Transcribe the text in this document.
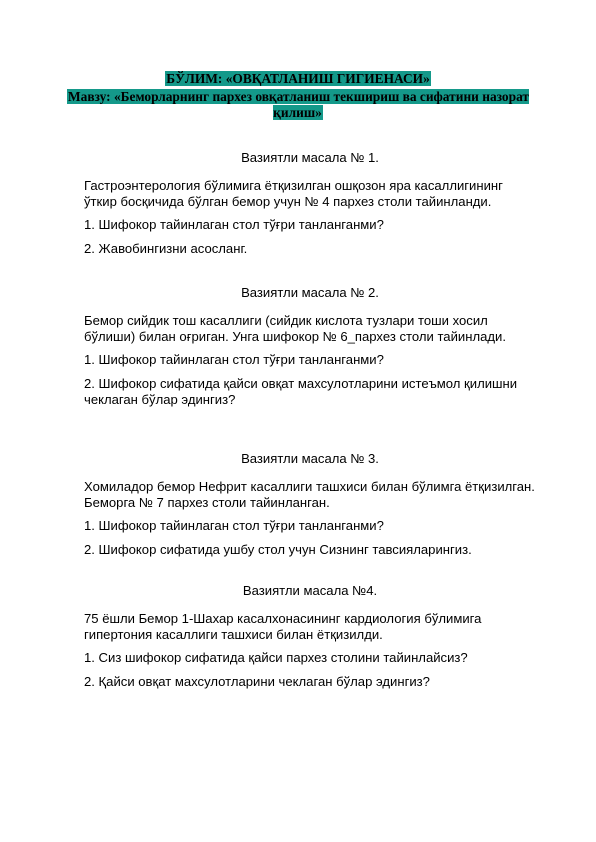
БЎЛИМ: «ОВҚАТЛАНИШ ГИГИЕНАСИ»
Мавзу: «Беморларнинг пархез овқатланиш текшириш ва сифатини назорат қилиш»
Вазиятли масала № 1.
Гастроэнтерология бўлимига ётқизилган ошқозон яра касаллигининг ўткир босқичида бўлган бемор учун № 4 пархез столи тайинланди.
1. Шифокор тайинлаган стол тўғри танланганми?
2. Жавобингизни асосланг.
Вазиятли масала № 2.
Бемор сийдик тош касаллиги (сийдик кислота тузлари тоши хосил бўлиши) билан оғриган. Унга шифокор № 6_пархез столи тайинлади.
1. Шифокор тайинлаган стол тўғри танланганми?
2. Шифокор сифатида қайси овқат махсулотларини истеъмол қилишни чеклаган бўлар эдингиз?
Вазиятли масала № 3.
Хомиладор бемор Нефрит касаллиги ташхиси билан бўлимга ётқизилган. Беморга № 7 пархез столи тайинланган.
1. Шифокор тайинлаган стол тўғри танланганми?
2. Шифокор сифатида ушбу стол учун Сизнинг тавсияларингиз.
Вазиятли масала №4.
75 ёшли Бемор 1-Шахар касалхонасининг кардиология бўлимига гипертония касаллиги ташхиси билан ётқизилди.
1. Сиз шифокор сифатида қайси пархез столини тайинлайсиз?
2. Қайси овқат махсулотларини чеклаган бўлар эдингиз?
